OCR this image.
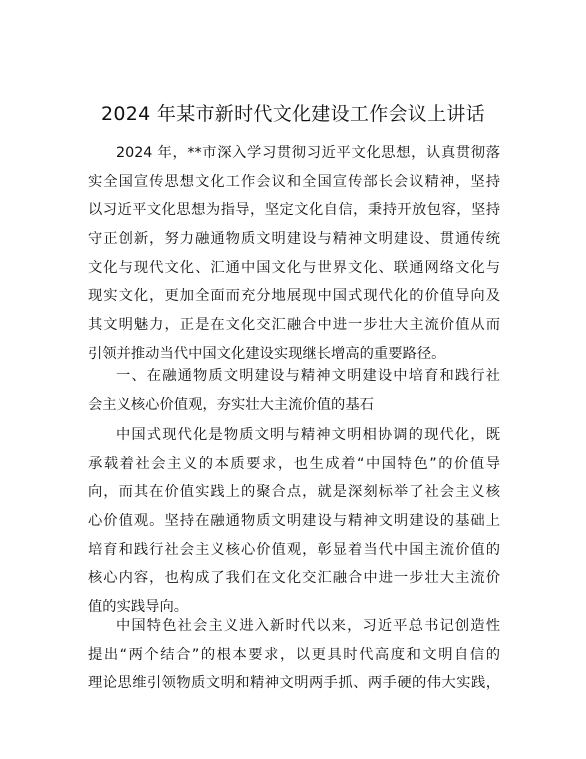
2024 年某市新时代文化建设工作会议上讲话
2024 年，**市深入学习贯彻习近平文化思想，认真贯彻落
实全国宣传思想文化工作会议和全国宣传部长会议精神，坚持
以习近平文化思想为指导，坚定文化自信，秉持开放包容，坚持
守正创新，努力融通物质文明建设与精神文明建设、贯通传统
文化与现代文化、汇通中国文化与世界文化、联通网络文化与
现实文化，更加全面而充分地展现中国式现代化的价值导向及
其文明魅力，正是在文化交汇融合中进一步壮大主流价值从而
引领并推动当代中国文化建设实现继长增高的重要路径。
一、在融通物质文明建设与精神文明建设中培育和践行社
会主义核心价值观，夯实壮大主流价值的基石
中国式现代化是物质文明与精神文明相协调的现代化，既
承载着社会主义的本质要求，也生成着“中国特色”的价值导
向，而其在价值实践上的聚合点，就是深刻标举了社会主义核
心价值观。坚持在融通物质文明建设与精神文明建设的基础上
培育和践行社会主义核心价值观，彰显着当代中国主流价值的
核心内容，也构成了我们在文化交汇融合中进一步壮大主流价
值的实践导向。
中国特色社会主义进入新时代以来，习近平总书记创造性
提出“两个结合”的根本要求，以更具时代高度和文明自信的
理论思维引领物质文明和精神文明两手抓、两手硬的伟大实践，
